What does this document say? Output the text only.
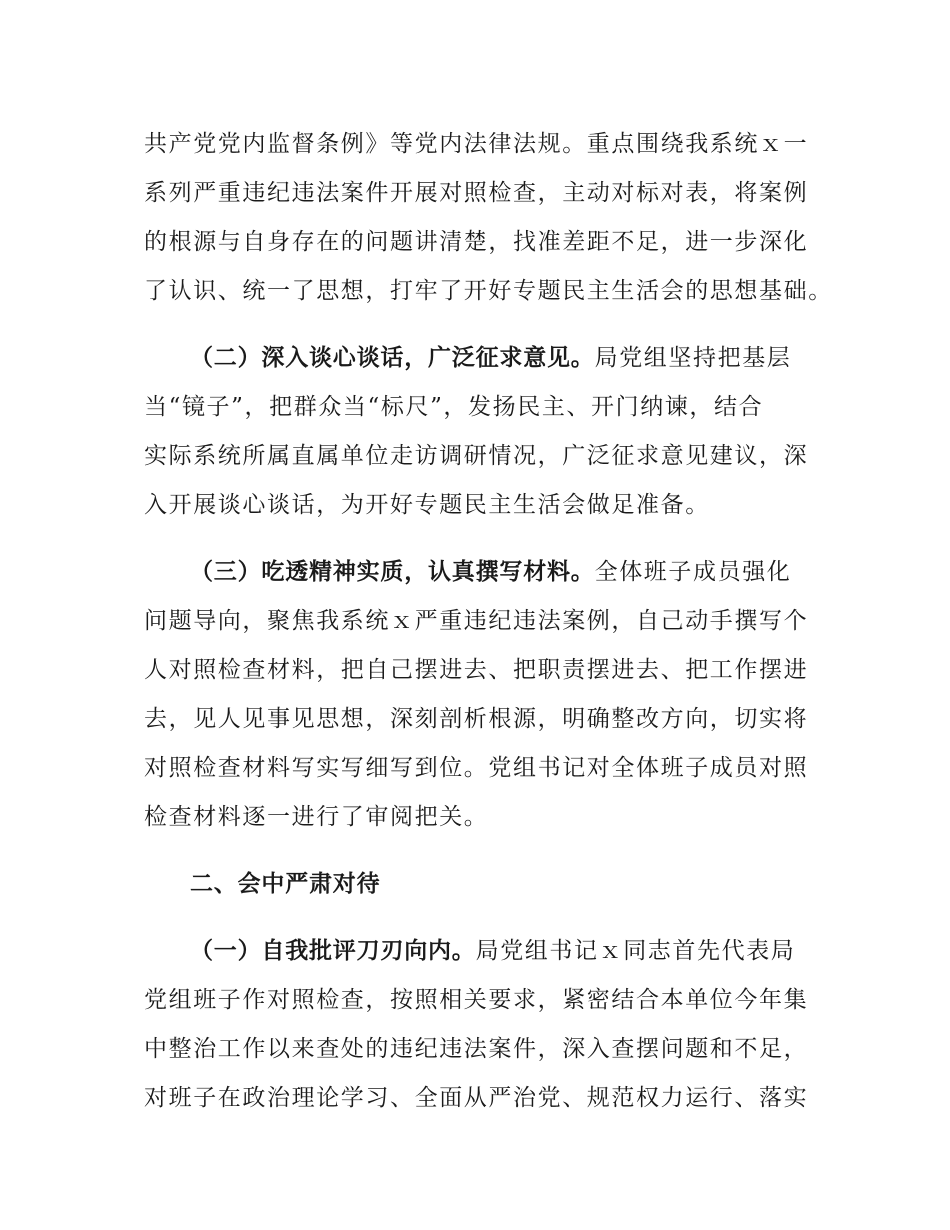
共产党党内监督条例》等党内法律法规。重点围绕我系统ｘ一
系列严重违纪违法案件开展对照检查，主动对标对表，将案例
的根源与自身存在的问题讲清楚，找准差距不足，进一步深化
了认识、统一了思想，打牢了开好专题民主生活会的思想基础。
（二）深入谈心谈话，广泛征求意见。局党组坚持把基层
当“镜子”，把群众当“标尺”，发扬民主、开门纳谏，结合
实际系统所属直属单位走访调研情况，广泛征求意见建议，深
入开展谈心谈话，为开好专题民主生活会做足准备。
（三）吃透精神实质，认真撰写材料。全体班子成员强化
问题导向，聚焦我系统ｘ严重违纪违法案例，自己动手撰写个
人对照检查材料，把自己摆进去、把职责摆进去、把工作摆进
去，见人见事见思想，深刻剖析根源，明确整改方向，切实将
对照检查材料写实写细写到位。党组书记对全体班子成员对照
检查材料逐一进行了审阅把关。
二、会中严肃对待
（一）自我批评刀刃向内。局党组书记ｘ同志首先代表局
党组班子作对照检查，按照相关要求，紧密结合本单位今年集
中整治工作以来查处的违纪违法案件，深入查摆问题和不足，
对班子在政治理论学习、全面从严治党、规范权力运行、落实
